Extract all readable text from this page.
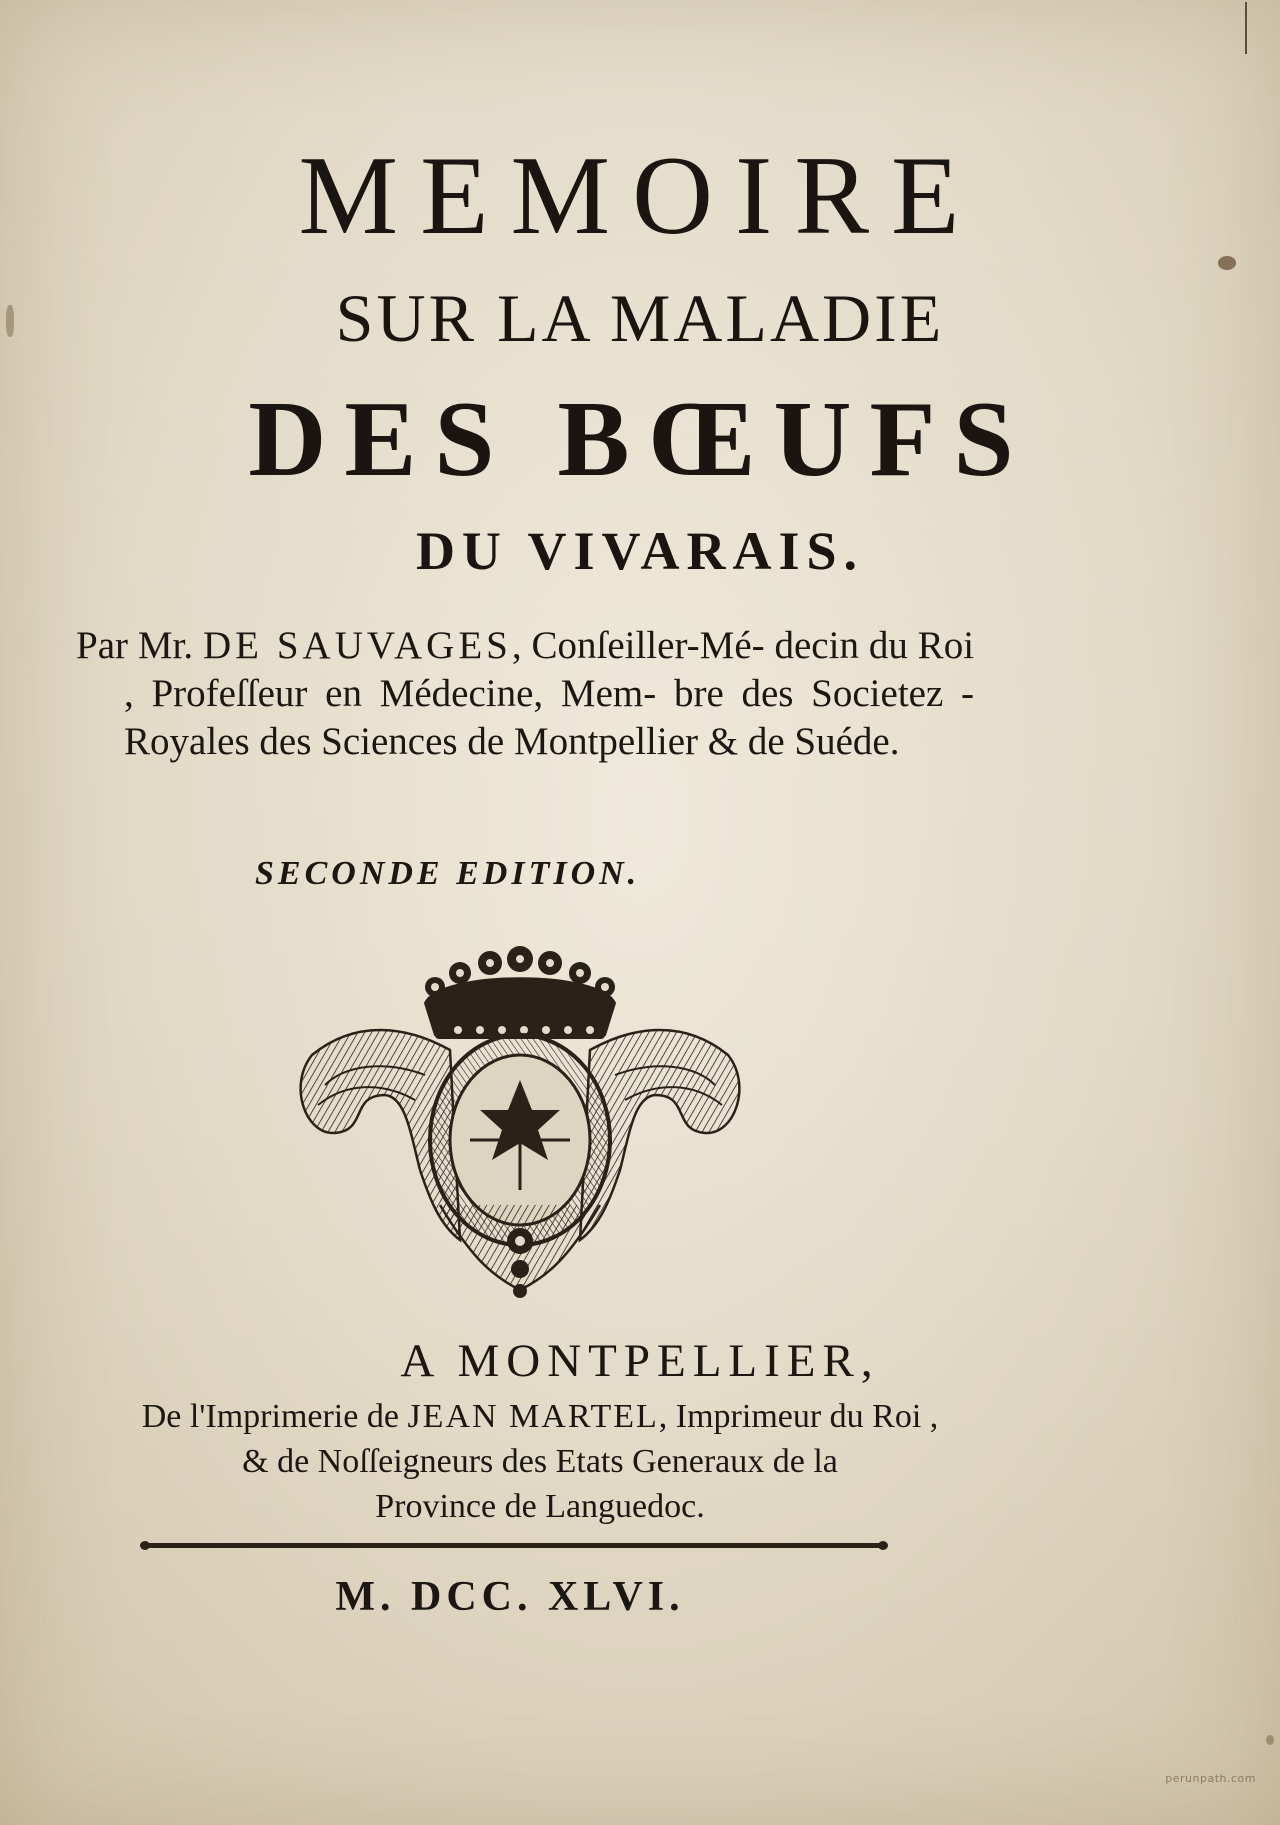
MEMOIRE
SUR LA MALADIE
DES BŒUFS
DU VIVARAIS.
Par Mr. DE SAUVAGES, Conſeiller-Mé- decin du Roi , Profeſſeur en Médecine, Mem- bre des Societez - Royales des Sciences de Montpellier & de Suéde.
SECONDE EDITION.
A MONTPELLIER,
De l'Imprimerie de JEAN MARTEL, Imprimeur du Roi ,
& de Noſſeigneurs des Etats Generaux de la
Province de Languedoc.
M. DCC. XLVI.
perunpath.com
